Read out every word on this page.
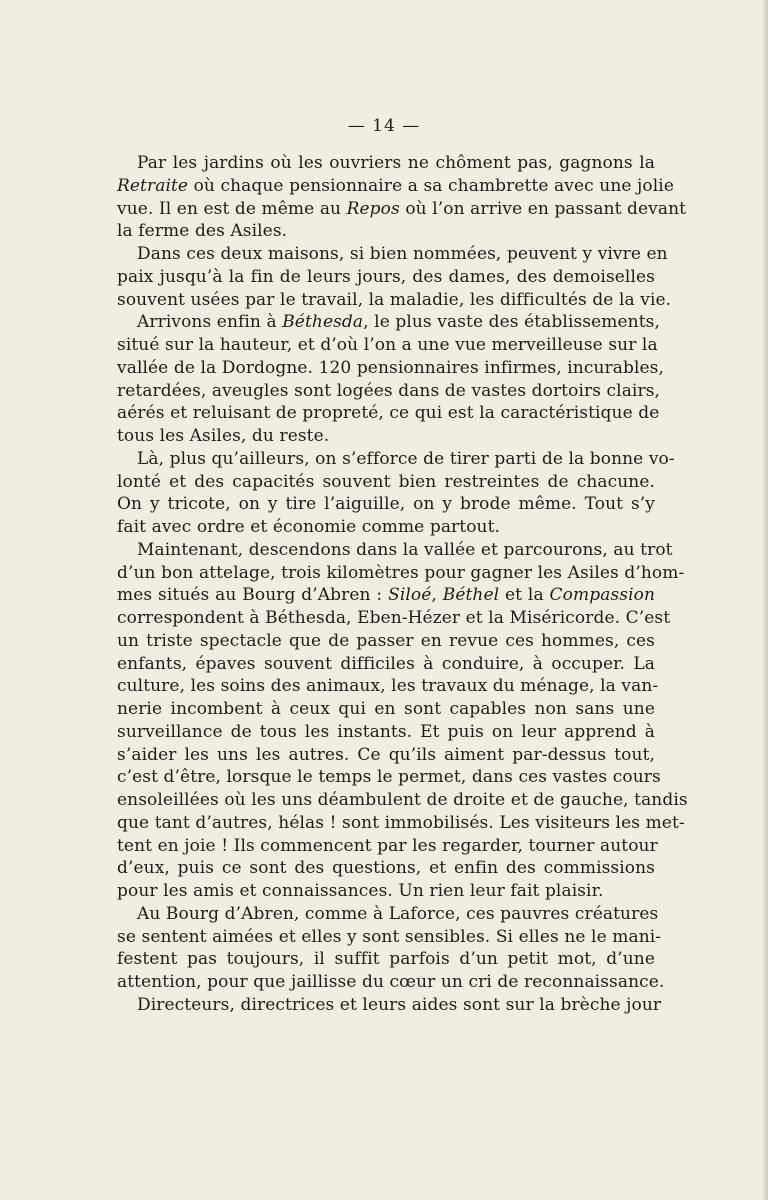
— 14 —

Par les jardins où les ouvriers ne chôment pas, gagnons la
Retraite où chaque pensionnaire a sa chambrette avec une jolie
vue. Il en est de même au Repos où l’on arrive en passant devant
la ferme des Asiles.

Dans ces deux maisons, si bien nommées, peuvent y vivre en
paix jusqu’à la fin de leurs jours, des dames, des demoiselles
souvent usées par le travail, la maladie, les difficultés de la vie.

Arrivons enfin à Béthesda, le plus vaste des établissements,
situé sur la hauteur, et d’où l’on a une vue merveilleuse sur la
vallée de la Dordogne. 120 pensionnaires infirmes, incurables,
retardées, aveugles sont logées dans de vastes dortoirs clairs,
aérés et reluisant de propreté, ce qui est la caractéristique de
tous les Asiles, du reste.

Là, plus qu’ailleurs, on s’efforce de tirer parti de la bonne vo-
lonté et des capacités souvent bien restreintes de chacune.
On y tricote, on y tire l’aiguille, on y brode même. Tout s’y
fait avec ordre et économie comme partout.

Maintenant, descendons dans la vallée et parcourons, au trot
d’un bon attelage, trois kilomètres pour gagner les Asiles d’hom-
mes situés au Bourg d’Abren : Siloé, Béthel et la Compassion
correspondent à Béthesda, Eben-Hézer et la Miséricorde. C’est
un triste spectacle que de passer en revue ces hommes, ces
enfants, épaves souvent difficiles à conduire, à occuper. La
culture, les soins des animaux, les travaux du ménage, la van-
nerie incombent à ceux qui en sont capables non sans une
surveillance de tous les instants. Et puis on leur apprend à
s’aider les uns les autres. Ce qu’ils aiment par-dessus tout,
c’est d’être, lorsque le temps le permet, dans ces vastes cours
ensoleillées où les uns déambulent de droite et de gauche, tandis
que tant d’autres, hélas ! sont immobilisés. Les visiteurs les met-
tent en joie ! Ils commencent par les regarder, tourner autour
d’eux, puis ce sont des questions, et enfin des commissions
pour les amis et connaissances. Un rien leur fait plaisir.

Au Bourg d’Abren, comme à Laforce, ces pauvres créatures
se sentent aimées et elles y sont sensibles. Si elles ne le mani-
festent pas toujours, il suffit parfois d’un petit mot, d’une
attention, pour que jaillisse du cœur un cri de reconnaissance.

Directeurs, directrices et leurs aides sont sur la brèche jour
